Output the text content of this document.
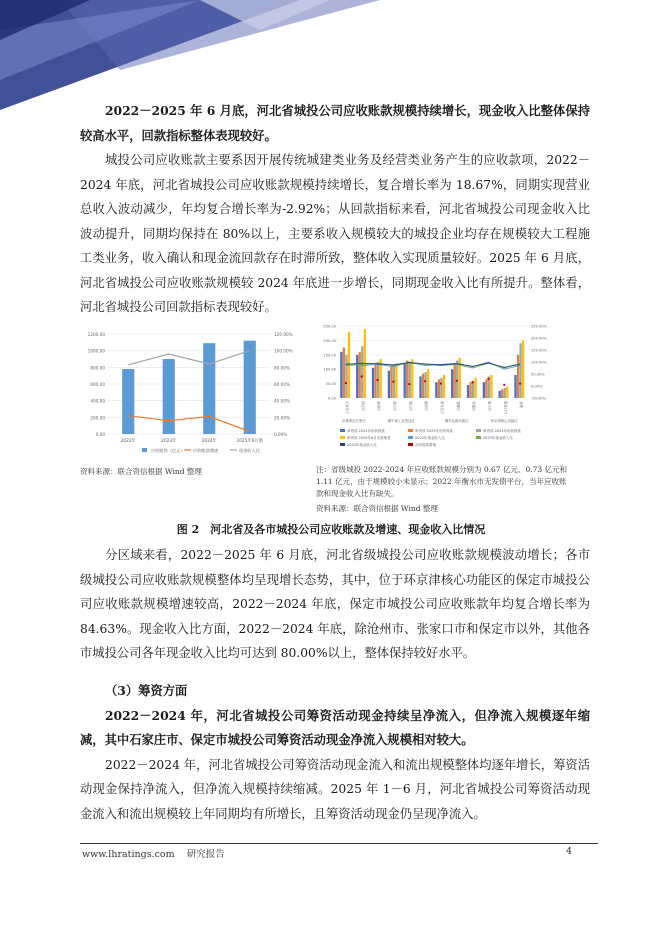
2022－2025 年 6 月底，河北省城投公司应收账款规模持续增长，现金收入比整体保持较高水平，回款指标整体表现较好。

城投公司应收账款主要系因开展传统城建类业务及经营类业务产生的应收款项，2022－2024 年底，河北省城投公司应收账款规模持续增长，复合增长率为 18.67%，同期实现营业总收入波动减少，年均复合增长率为-2.92%；从回款指标来看，河北省城投公司现金收入比波动提升，同期均保持在 80%以上，主要系收入规模较大的城投企业均存在规模较大工程施工类业务，收入确认和现金流回款存在时滞所致，整体收入实现质量较好。2025 年 6 月底，河北省城投公司应收账款规模较 2024 年底进一步增长，同期现金收入比有所提升。整体看，河北省城投公司回款指标表现较好。

0.00
200.00
400.00
600.00
800.00
1000.00
1200.00
0.00%
20.00%
40.00%
60.00%
80.00%
100.00%
120.00%
2022年	2023年	2024年	2025年6月底
应收账款（亿元） 应收账款增速	现金收入比
资料来源：联合资信根据 Wind 整理
0.00
50.00
100.00
150.00
200.00
250.00
-50.00%
0.00%
50.00%
100.00%
150.00%
200.00%
250.00%
石家庄市	保定市	沧州市	邢台市	唐山市	廊坊市	秦皇岛市	邯郸市	承德市	衡水市	张家口市	省级
京雄保定石家庄	冀中南工业发达区	冀东沿海功能区	环京津核心功能区
单列项 2022年应收账款	单列项 2023年应收账款	单列项 2024年应收账款
单列项 2025年6月应收账款	2022年现金收入比	2023年现金收入比
2024年现金收入比	应收账款增速
注：省级城投 2022-2024 年应收账款规模分别为 0.67 亿元、0.73 亿元和 1.11 亿元，由于规模较小未显示；2022 年衡水市无发债平台，当年应收账款和现金收入比有缺失。
资料来源：联合资信根据 Wind 整理
图 2　河北省及各市城投公司应收账款及增速、现金收入比情况

分区域来看，2022－2025 年 6 月底，河北省级城投公司应收账款规模波动增长；各市级城投公司应收账款规模整体均呈现增长态势，其中，位于环京津核心功能区的保定市城投公司应收账款规模增速较高，2022－2024 年底，保定市城投公司应收账款年均复合增长率为 84.63%。现金收入比方面，2022－2024 年底，除沧州市、张家口市和保定市以外，其他各市城投公司各年现金收入比均可达到 80.00%以上，整体保持较好水平。

（3）筹资方面

2022－2024 年，河北省城投公司筹资活动现金持续呈净流入，但净流入规模逐年缩减，其中石家庄市、保定市城投公司筹资活动现金净流入规模相对较大。

2022－2024 年，河北省城投公司筹资活动现金流入和流出规模整体均逐年增长，筹资活动现金保持净流入，但净流入规模持续缩减。2025 年 1－6 月，河北省城投公司筹资活动现金流入和流出规模较上年同期均有所增长，且筹资活动现金仍呈现净流入。

www.lhratings.com 研究报告	4
